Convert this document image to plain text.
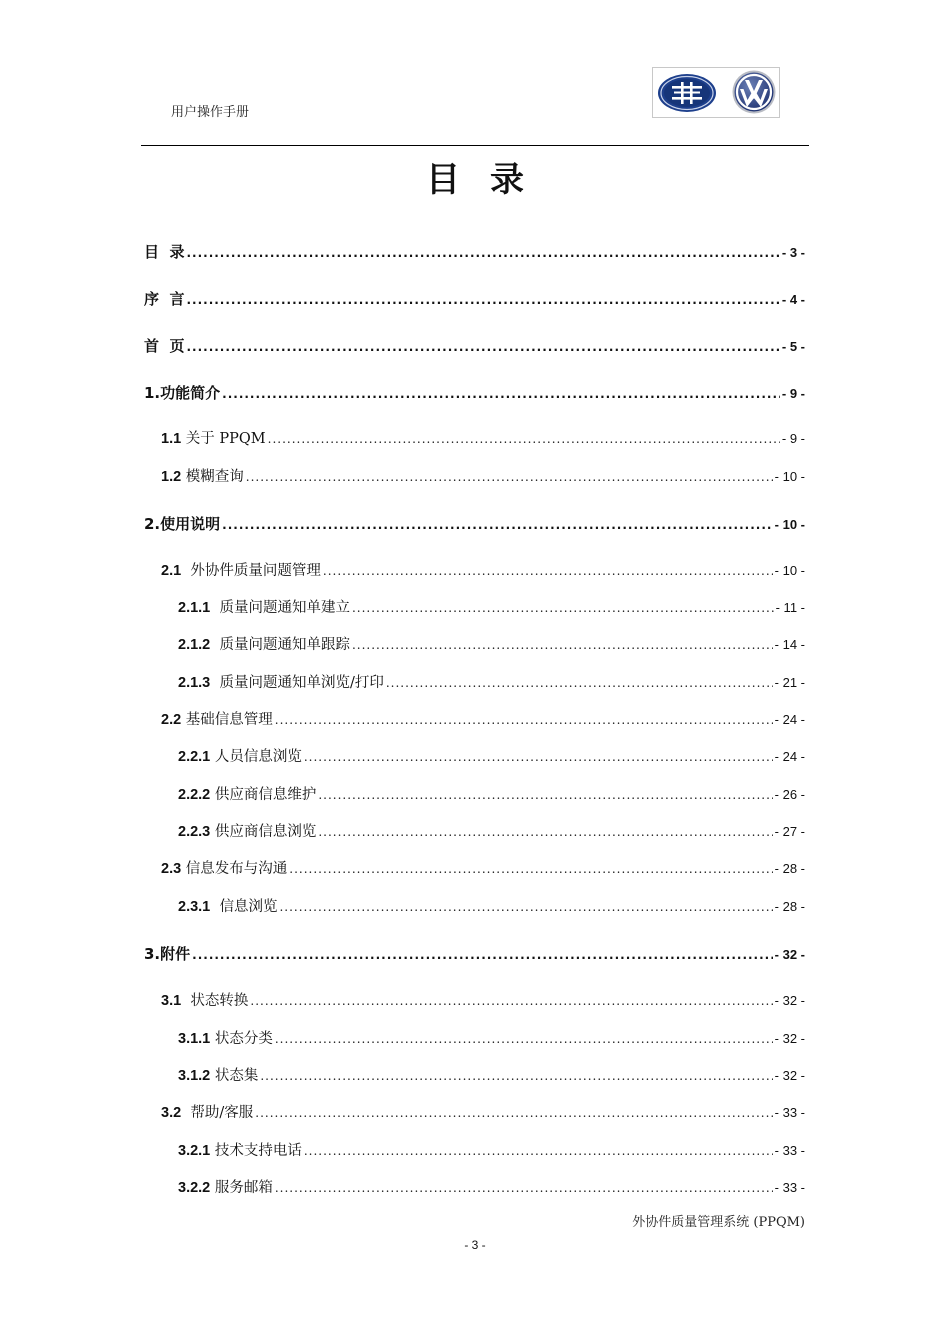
用户操作手册
目录
目  录 .....	- 3 -
序  言 .....	- 4 -
首  页 .....	- 5 -
1.功能简介 .....	- 9 -
1.1 关于 PPQM .....	- 9 -
1.2 模糊查询 .....	- 10 -
2.使用说明 .....	- 10 -
2.1  外协件质量问题管理 .....	- 10 -
2.1.1  质量问题通知单建立 .....	- 11 -
2.1.2  质量问题通知单跟踪 .....	- 14 -
2.1.3  质量问题通知单浏览/打印 .....	- 21 -
2.2 基础信息管理 .....	- 24 -
2.2.1 人员信息浏览 .....	- 24 -
2.2.2 供应商信息维护 .....	- 26 -
2.2.3 供应商信息浏览 .....	- 27 -
2.3 信息发布与沟通 .....	- 28 -
2.3.1  信息浏览 .....	- 28 -
3.附件 .....	- 32 -
3.1  状态转换 .....	- 32 -
3.1.1 状态分类 .....	- 32 -
3.1.2 状态集 .....	- 32 -
3.2  帮助/客服 .....	- 33 -
3.2.1 技术支持电话 .....	- 33 -
3.2.2 服务邮箱 .....	- 33 -
外协件质量管理系统 (PPQM)
- 3 -
